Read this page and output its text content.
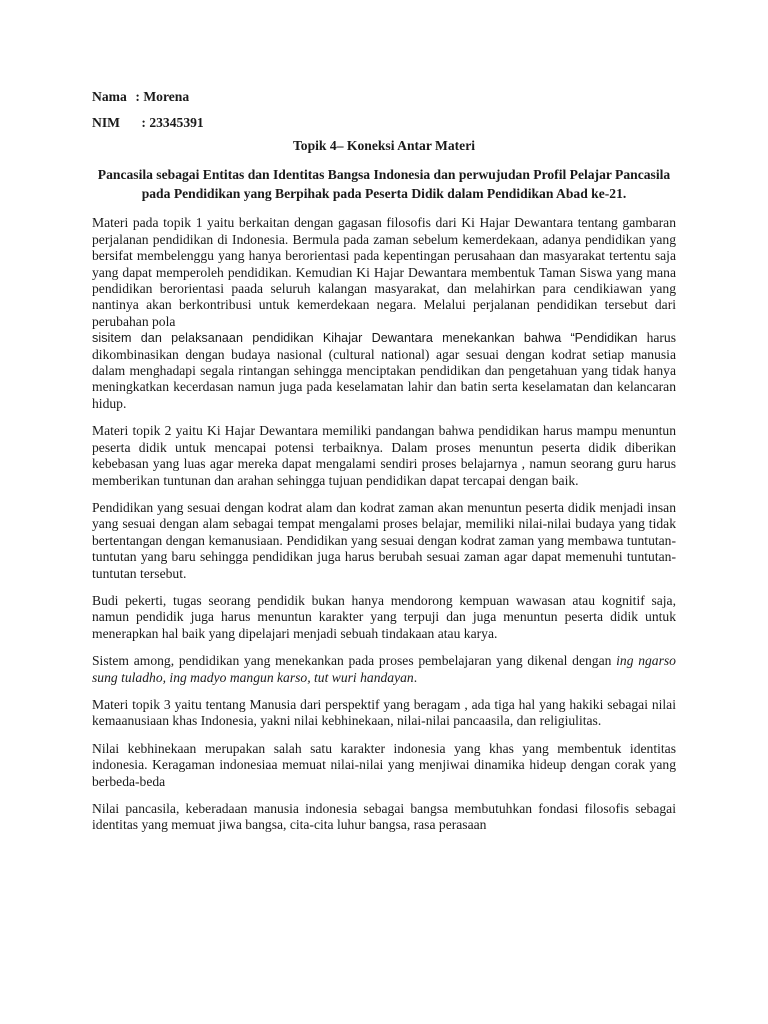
Nama : Morena
NIM : 23345391
Topik 4– Koneksi Antar Materi
Pancasila sebagai Entitas dan Identitas Bangsa Indonesia dan perwujudan Profil Pelajar Pancasila pada Pendidikan yang Berpihak pada Peserta Didik dalam Pendidikan Abad ke-21.

Materi pada topik 1 yaitu berkaitan dengan gagasan filosofis dari Ki Hajar Dewantara tentang gambaran perjalanan pendidikan di Indonesia. Bermula pada zaman sebelum kemerdekaan, adanya pendidikan yang bersifat membelenggu yang hanya berorientasi pada kepentingan perusahaan dan masyarakat tertentu saja yang dapat memperoleh pendidikan. Kemudian Ki Hajar Dewantara membentuk Taman Siswa yang mana pendidikan berorientasi paada seluruh kalangan masyarakat, dan melahirkan para cendikiawan yang nantinya akan berkontribusi untuk kemerdekaan negara. Melalui perjalanan pendidikan tersebut dari perubahan pola
sisitem dan pelaksanaan pendidikan Kihajar Dewantara menekankan bahwa “Pendidikan harus dikombinasikan dengan budaya nasional (cultural national) agar sesuai dengan kodrat setiap manusia dalam menghadapi segala rintangan sehingga menciptakan pendidikan dan pengetahuan yang tidak hanya meningkatkan kecerdasan namun juga pada keselamatan lahir dan batin serta keselamatan dan kelancaran hidup.

Materi topik 2 yaitu Ki Hajar Dewantara memiliki pandangan bahwa pendidikan harus mampu menuntun peserta didik untuk mencapai potensi terbaiknya. Dalam proses menuntun peserta didik diberikan kebebasan yang luas agar mereka dapat mengalami sendiri proses belajarnya , namun seorang guru harus memberikan tuntunan dan arahan sehingga tujuan pendidikan dapat tercapai dengan baik.

Pendidikan yang sesuai dengan kodrat alam dan kodrat zaman akan menuntun peserta didik menjadi insan yang sesuai dengan alam sebagai tempat mengalami proses belajar, memiliki nilai-nilai budaya yang tidak bertentangan dengan kemanusiaan. Pendidikan yang sesuai dengan kodrat zaman yang membawa tuntutan-tuntutan yang baru sehingga pendidikan juga harus berubah sesuai zaman agar dapat memenuhi tuntutan-tuntutan tersebut.

Budi pekerti, tugas seorang pendidik bukan hanya mendorong kempuan wawasan atau kognitif saja, namun pendidik juga harus menuntun karakter yang terpuji dan juga menuntun peserta didik untuk menerapkan hal baik yang dipelajari menjadi sebuah tindakaan atau karya.

Sistem among, pendidikan yang menekankan pada proses pembelajaran yang dikenal dengan ing ngarso sung tuladho, ing madyo mangun karso, tut wuri handayan.

Materi topik 3 yaitu tentang Manusia dari perspektif yang beragam , ada tiga hal yang hakiki sebagai nilai kemaanusiaan khas Indonesia, yakni nilai kebhinekaan, nilai-nilai pancaasila, dan religiulitas.

Nilai kebhinekaan merupakan salah satu karakter indonesia yang khas yang membentuk identitas indonesia. Keragaman indonesiaa memuat nilai-nilai yang menjiwai dinamika hideup dengan corak yang berbeda-beda

Nilai pancasila, keberadaan manusia indonesia sebagai bangsa membutuhkan fondasi filosofis sebagai identitas yang memuat jiwa bangsa, cita-cita luhur bangsa, rasa perasaan
